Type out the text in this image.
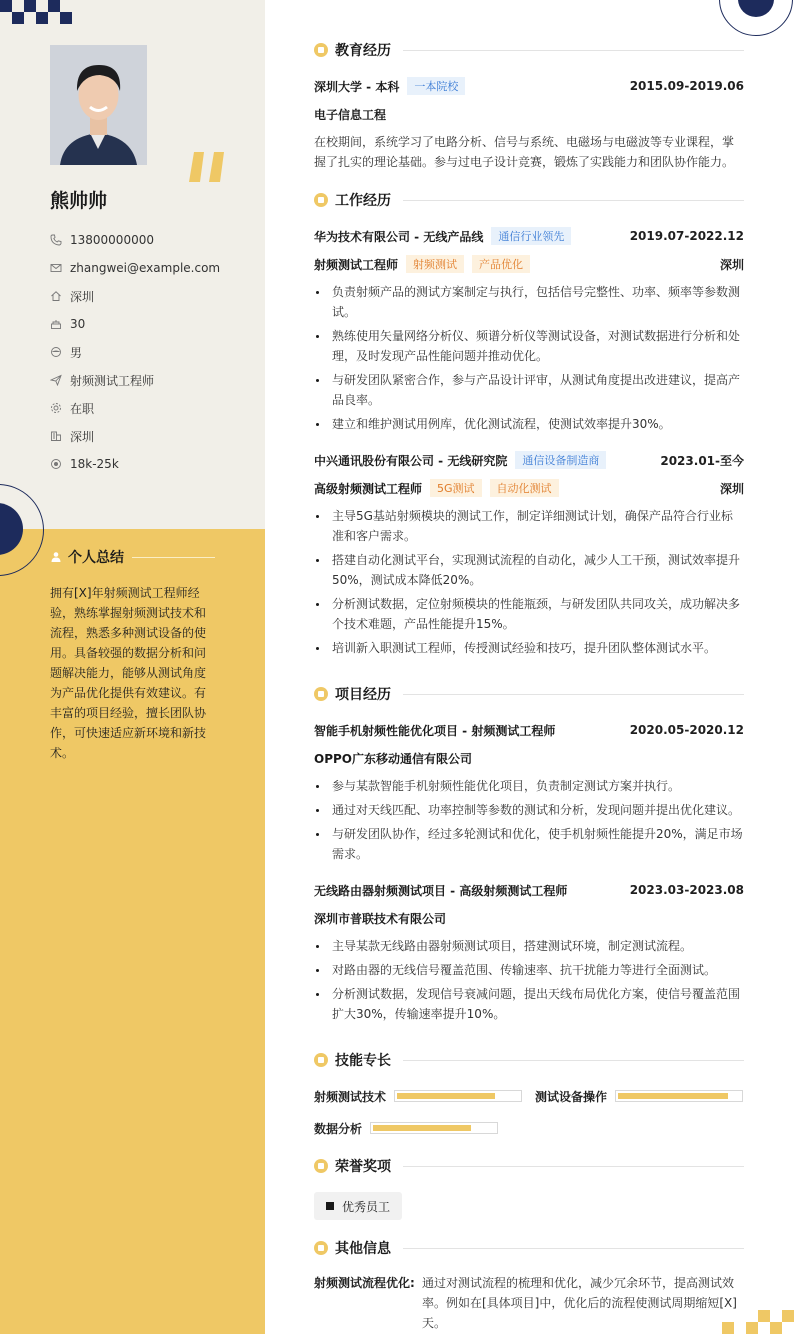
熊帅帅
13800000000
zhangwei@example.com
深圳
30
男
射频测试工程师
在职
深圳
18k-25k
个人总结
拥有[X]年射频测试工程师经验，熟练掌握射频测试技术和流程，熟悉多种测试设备的使用。具备较强的数据分析和问题解决能力，能够从测试角度为产品优化提供有效建议。有丰富的项目经验，擅长团队协作，可快速适应新环境和新技术。
教育经历
深圳大学 - 本科	一本院校	2015.09-2019.06
电子信息工程
在校期间，系统学习了电路分析、信号与系统、电磁场与电磁波等专业课程，掌握了扎实的理论基础。参与过电子设计竞赛，锻炼了实践能力和团队协作能力。
工作经历
华为技术有限公司 - 无线产品线	通信行业领先	2019.07-2022.12
射频测试工程师	射频测试	产品优化	深圳
负责射频产品的测试方案制定与执行，包括信号完整性、功率、频率等参数测试。
熟练使用矢量网络分析仪、频谱分析仪等测试设备，对测试数据进行分析和处理，及时发现产品性能问题并推动优化。
与研发团队紧密合作，参与产品设计评审，从测试角度提出改进建议，提高产品良率。
建立和维护测试用例库，优化测试流程，使测试效率提升30%。
中兴通讯股份有限公司 - 无线研究院	通信设备制造商	2023.01-至今
高级射频测试工程师	5G测试	自动化测试	深圳
主导5G基站射频模块的测试工作，制定详细测试计划，确保产品符合行业标准和客户需求。
搭建自动化测试平台，实现测试流程的自动化，减少人工干预，测试效率提升50%，测试成本降低20%。
分析测试数据，定位射频模块的性能瓶颈，与研发团队共同攻关，成功解决多个技术难题，产品性能提升15%。
培训新入职测试工程师，传授测试经验和技巧，提升团队整体测试水平。
项目经历
智能手机射频性能优化项目 - 射频测试工程师	2020.05-2020.12
OPPO广东移动通信有限公司
参与某款智能手机射频性能优化项目，负责制定测试方案并执行。
通过对天线匹配、功率控制等参数的测试和分析，发现问题并提出优化建议。
与研发团队协作，经过多轮测试和优化，使手机射频性能提升20%，满足市场需求。
无线路由器射频测试项目 - 高级射频测试工程师	2023.03-2023.08
深圳市普联技术有限公司
主导某款无线路由器射频测试项目，搭建测试环境，制定测试流程。
对路由器的无线信号覆盖范围、传输速率、抗干扰能力等进行全面测试。
分析测试数据，发现信号衰减问题，提出天线布局优化方案，使信号覆盖范围扩大30%，传输速率提升10%。
技能专长
射频测试技术	测试设备操作
数据分析
荣誉奖项
优秀员工
其他信息
射频测试流程优化: 通过对测试流程的梳理和优化，减少冗余环节，提高测试效率。例如在[具体项目]中，优化后的流程使测试周期缩短[X]天。
